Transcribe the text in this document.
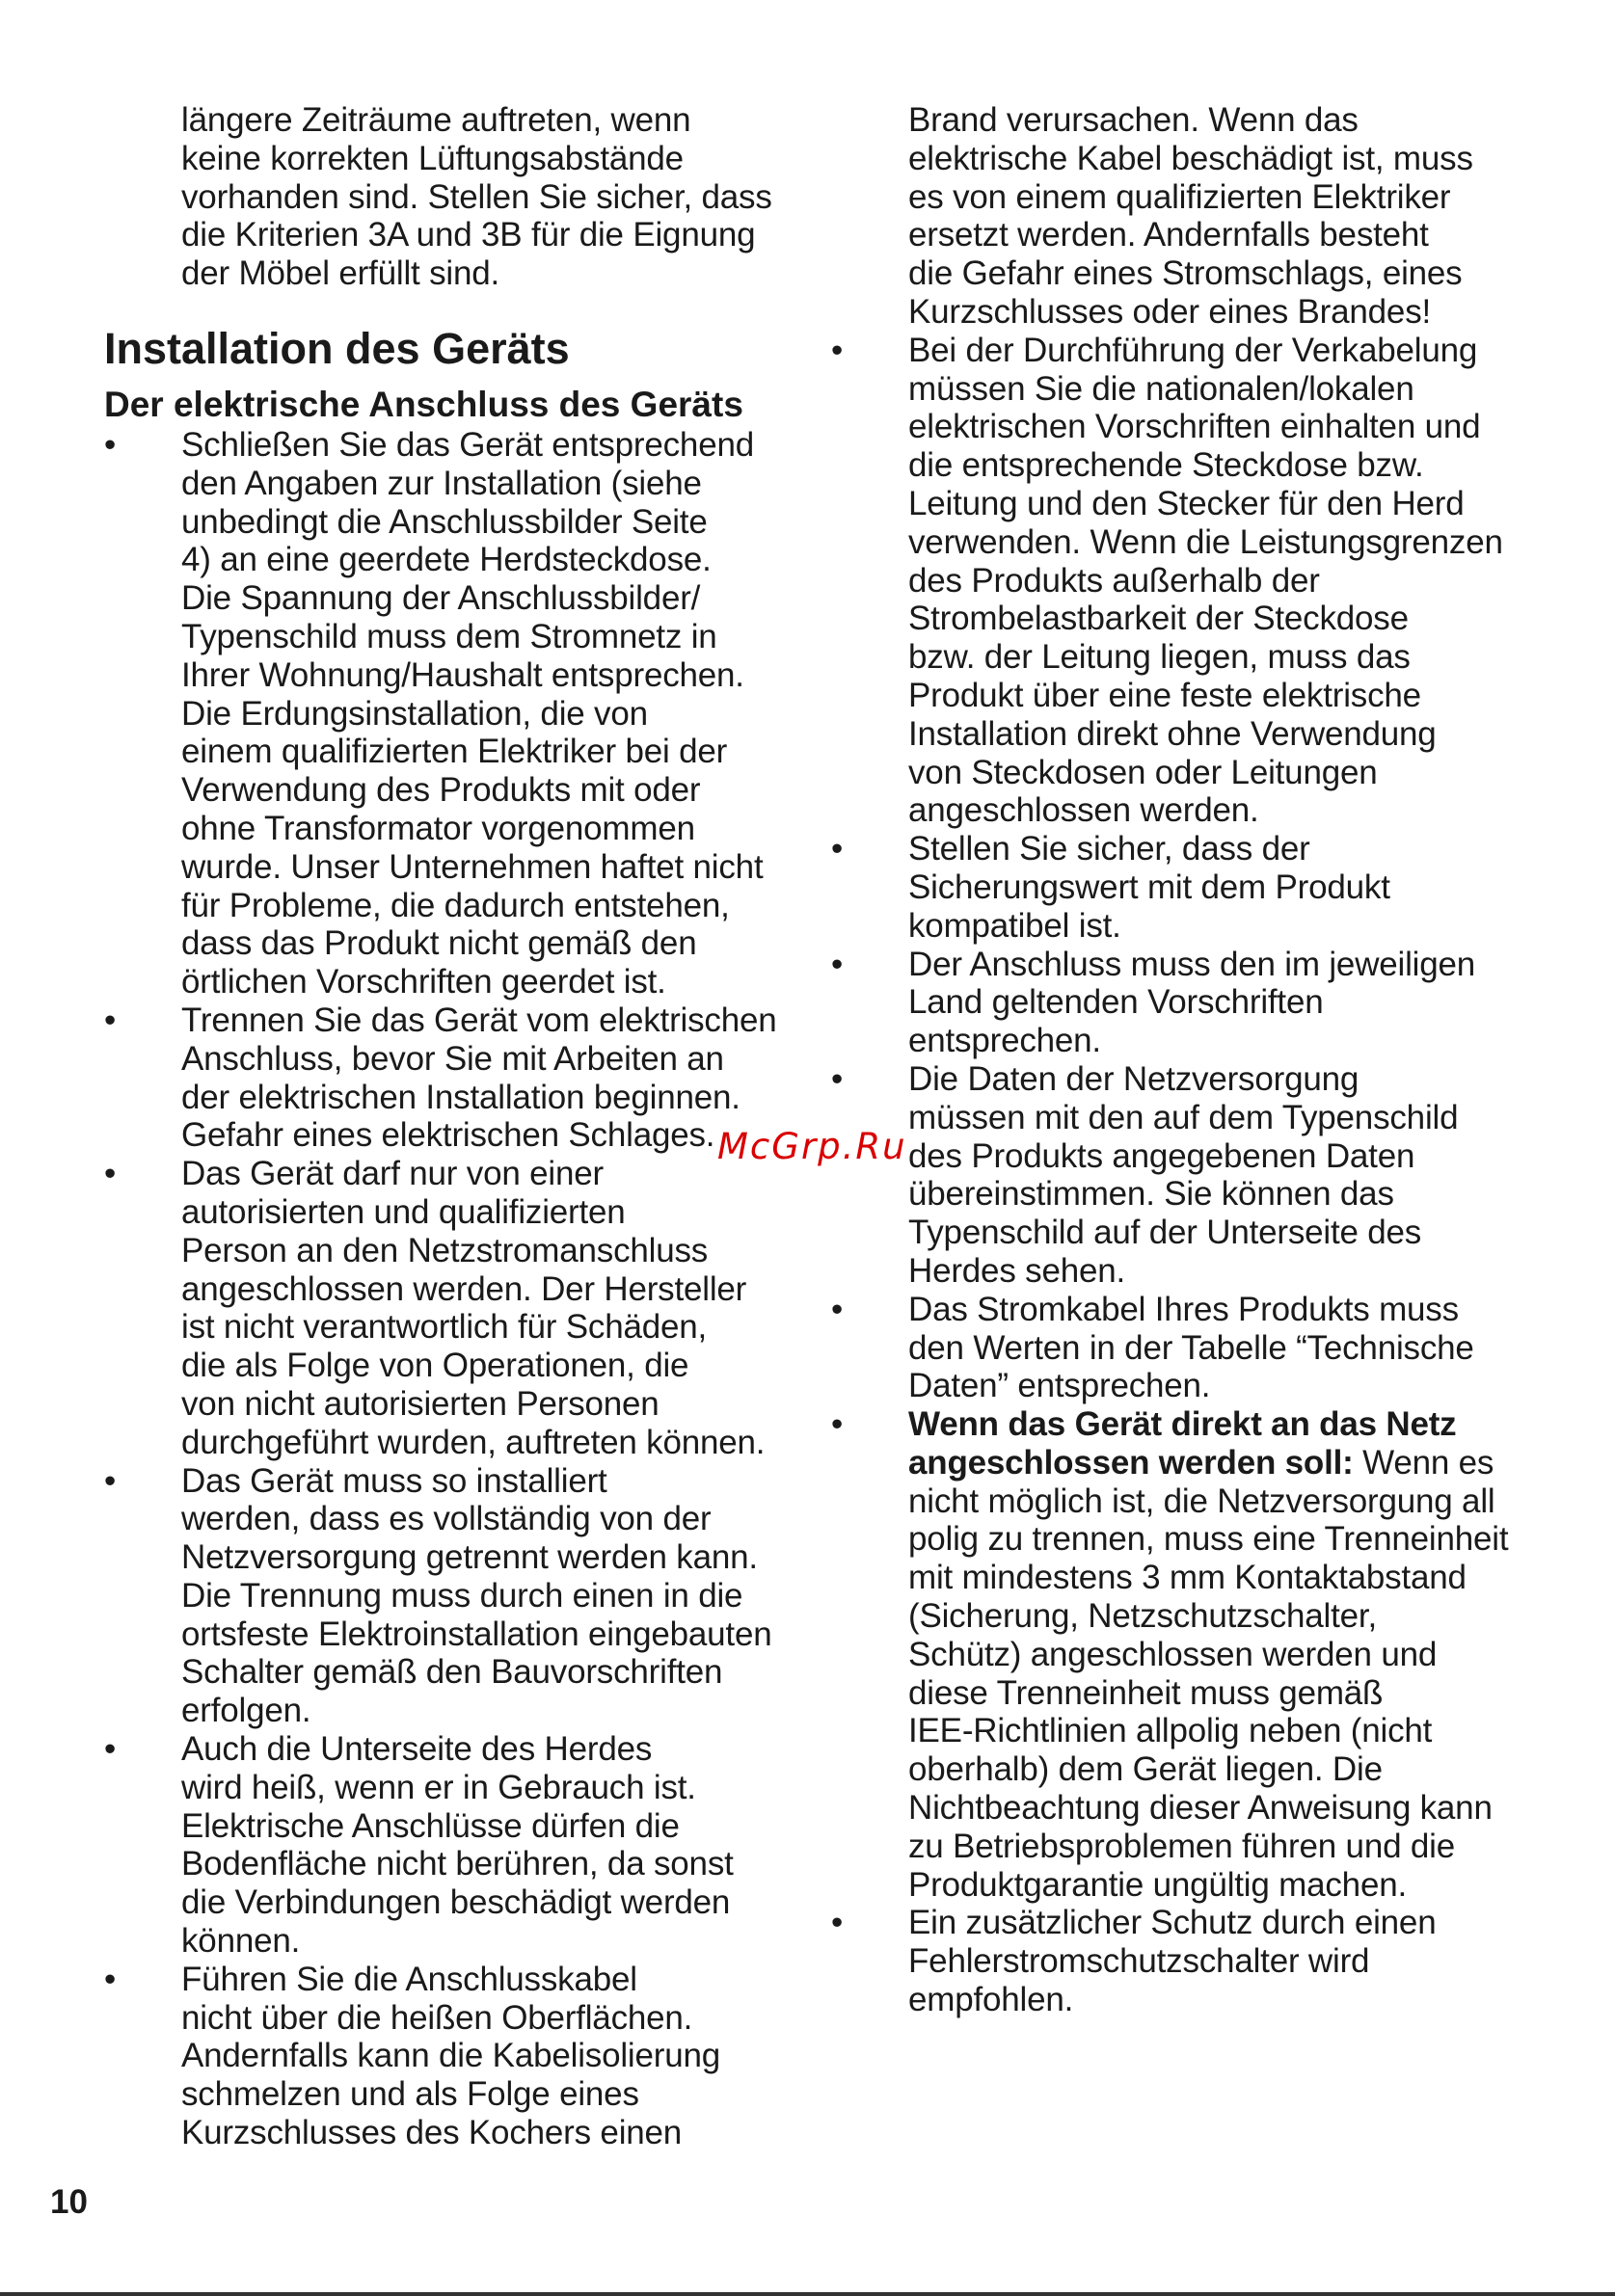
längere Zeiträume auftreten, wenn
keine korrekten Lüftungsabstände
vorhanden sind. Stellen Sie sicher, dass
die Kriterien 3A und 3B für die Eignung
der Möbel erfüllt sind.

Installation des Geräts
Der elektrische Anschluss des Geräts
• Schließen Sie das Gerät entsprechend
den Angaben zur Installation (siehe
unbedingt die Anschlussbilder Seite
4) an eine geerdete Herdsteckdose.
Die Spannung der Anschlussbilder/
Typenschild muss dem Stromnetz in
Ihrer Wohnung/Haushalt entsprechen.
Die Erdungsinstallation, die von
einem qualifizierten Elektriker bei der
Verwendung des Produkts mit oder
ohne Transformator vorgenommen
wurde. Unser Unternehmen haftet nicht
für Probleme, die dadurch entstehen,
dass das Produkt nicht gemäß den
örtlichen Vorschriften geerdet ist.
• Trennen Sie das Gerät vom elektrischen
Anschluss, bevor Sie mit Arbeiten an
der elektrischen Installation beginnen.
Gefahr eines elektrischen Schlages.
• Das Gerät darf nur von einer
autorisierten und qualifizierten
Person an den Netzstromanschluss
angeschlossen werden. Der Hersteller
ist nicht verantwortlich für Schäden,
die als Folge von Operationen, die
von nicht autorisierten Personen
durchgeführt wurden, auftreten können.
• Das Gerät muss so installiert
werden, dass es vollständig von der
Netzversorgung getrennt werden kann.
Die Trennung muss durch einen in die
ortsfeste Elektroinstallation eingebauten
Schalter gemäß den Bauvorschriften
erfolgen.
• Auch die Unterseite des Herdes
wird heiß, wenn er in Gebrauch ist.
Elektrische Anschlüsse dürfen die
Bodenfläche nicht berühren, da sonst
die Verbindungen beschädigt werden
können.
• Führen Sie die Anschlusskabel
nicht über die heißen Oberflächen.
Andernfalls kann die Kabelisolierung
schmelzen und als Folge eines
Kurzschlusses des Kochers einen

Brand verursachen. Wenn das
elektrische Kabel beschädigt ist, muss
es von einem qualifizierten Elektriker
ersetzt werden. Andernfalls besteht
die Gefahr eines Stromschlags, eines
Kurzschlusses oder eines Brandes!

• Bei der Durchführung der Verkabelung
müssen Sie die nationalen/lokalen
elektrischen Vorschriften einhalten und
die entsprechende Steckdose bzw.
Leitung und den Stecker für den Herd
verwenden. Wenn die Leistungsgrenzen
des Produkts außerhalb der
Strombelastbarkeit der Steckdose
bzw. der Leitung liegen, muss das
Produkt über eine feste elektrische
Installation direkt ohne Verwendung
von Steckdosen oder Leitungen
angeschlossen werden.
• Stellen Sie sicher, dass der
Sicherungswert mit dem Produkt
kompatibel ist.
• Der Anschluss muss den im jeweiligen
Land geltenden Vorschriften
entsprechen.
• Die Daten der Netzversorgung
müssen mit den auf dem Typenschild
des Produkts angegebenen Daten
übereinstimmen. Sie können das
Typenschild auf der Unterseite des
Herdes sehen.
• Das Stromkabel Ihres Produkts muss
den Werten in der Tabelle “Technische
Daten” entsprechen.
• Wenn das Gerät direkt an das Netz
angeschlossen werden soll: Wenn es
nicht möglich ist, die Netzversorgung all
polig zu trennen, muss eine Trenneinheit
mit mindestens 3 mm Kontaktabstand
(Sicherung, Netzschutzschalter,
Schütz) angeschlossen werden und
diese Trenneinheit muss gemäß
IEE-Richtlinien allpolig neben (nicht
oberhalb) dem Gerät liegen. Die
Nichtbeachtung dieser Anweisung kann
zu Betriebsproblemen führen und die
Produktgarantie ungültig machen.
• Ein zusätzlicher Schutz durch einen
Fehlerstromschutzschalter wird
empfohlen.
McGrp.Ru
10
